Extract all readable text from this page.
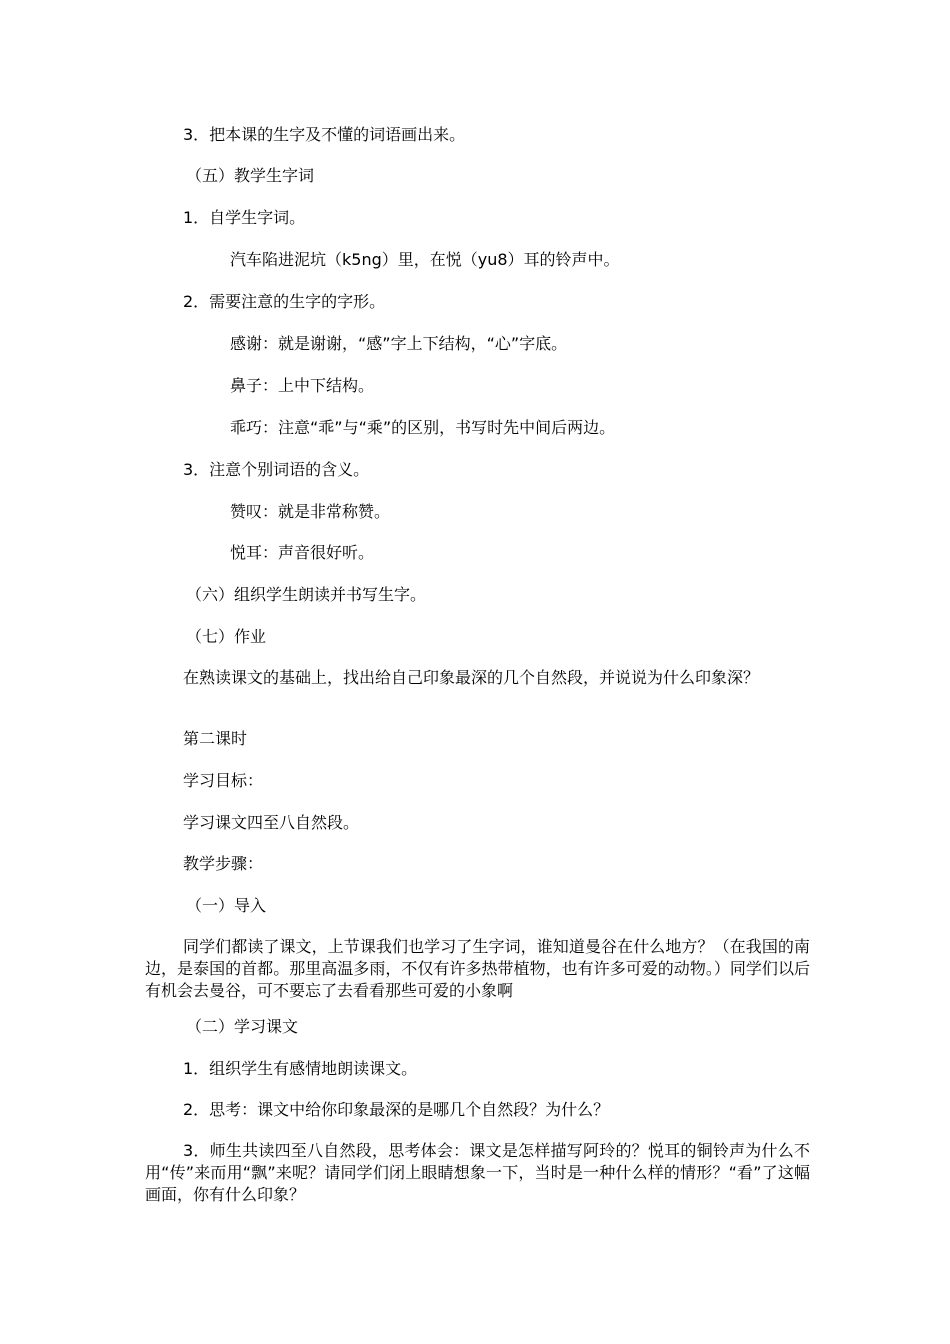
3．把本课的生字及不懂的词语画出来。
（五）教学生字词
1．自学生字词。
汽车陷进泥坑（k5ng）里，在悦（yu8）耳的铃声中。
2．需要注意的生字的字形。
感谢：就是谢谢，“感”字上下结构，“心”字底。
鼻子：上中下结构。
乖巧：注意“乖”与“乘”的区别，书写时先中间后两边。
3．注意个别词语的含义。
赞叹：就是非常称赞。
悦耳：声音很好听。
（六）组织学生朗读并书写生字。
（七）作业
在熟读课文的基础上，找出给自己印象最深的几个自然段，并说说为什么印象深？
第二课时
学习目标：
学习课文四至八自然段。
教学步骤：
（一）导入
同学们都读了课文，上节课我们也学习了生字词，谁知道曼谷在什么地方？（在我国的南边，是泰国的首都。那里高温多雨，不仅有许多热带植物，也有许多可爱的动物。）同学们以后有机会去曼谷，可不要忘了去看看那些可爱的小象啊
（二）学习课文
1．组织学生有感情地朗读课文。
2．思考：课文中给你印象最深的是哪几个自然段？为什么？
3．师生共读四至八自然段，思考体会：课文是怎样描写阿玲的？悦耳的铜铃声为什么不用“传”来而用“飘”来呢？请同学们闭上眼睛想象一下，当时是一种什么样的情形？“看”了这幅画面，你有什么印象？
